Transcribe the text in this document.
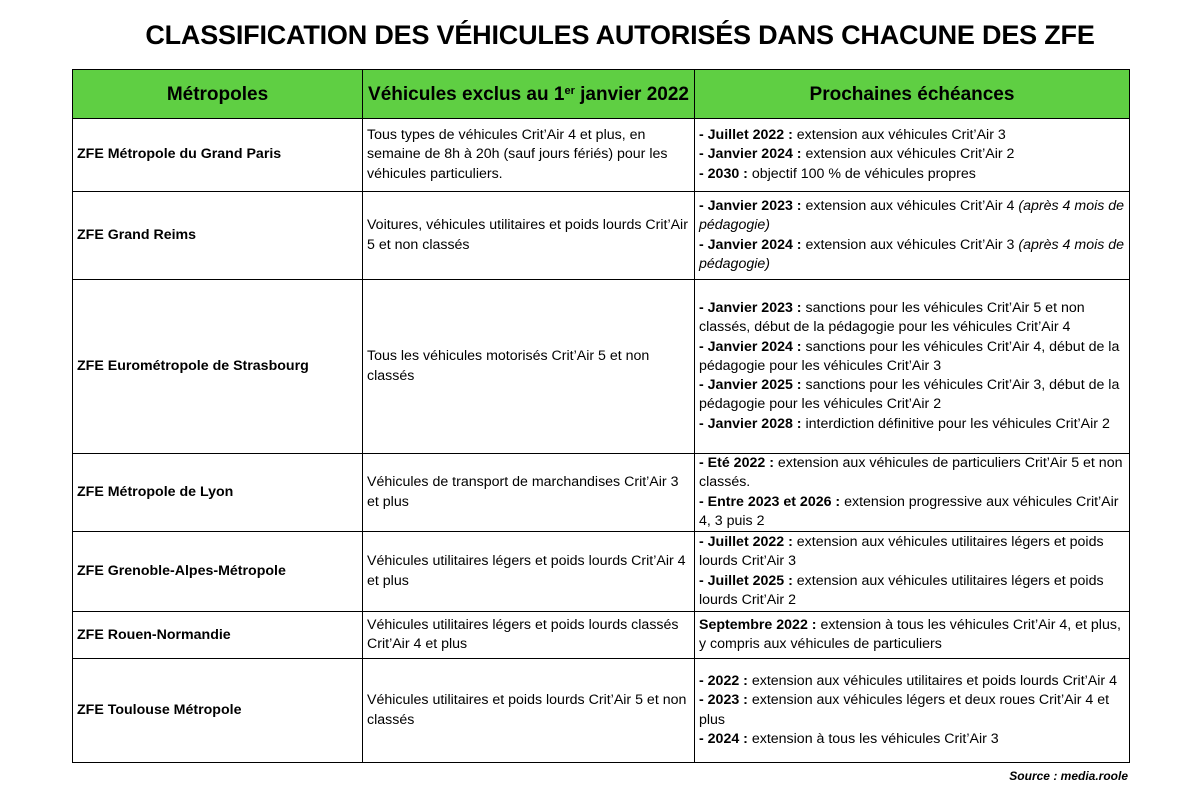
CLASSIFICATION DES VÉHICULES AUTORISÉS DANS CHACUNE DES ZFE
Métropoles	Véhicules exclus au 1er janvier 2022	Prochaines échéances
ZFE Métropole du Grand Paris	Tous types de véhicules Crit’Air 4 et plus, en semaine de 8h à 20h (sauf jours fériés) pour les véhicules particuliers.	- Juillet 2022 : extension aux véhicules Crit’Air 3
- Janvier 2024 : extension aux véhicules Crit’Air 2
- 2030 : objectif 100 % de véhicules propres

ZFE Grand Reims	Voitures, véhicules utilitaires et poids lourds Crit’Air 5 et non classés	- Janvier 2023 : extension aux véhicules Crit’Air 4 (après 4 mois de pédagogie)
- Janvier 2024 : extension aux véhicules Crit’Air 3 (après 4 mois de pédagogie)

ZFE Eurométropole de Strasbourg	Tous les véhicules motorisés Crit’Air 5 et non classés	- Janvier 2023 : sanctions pour les véhicules Crit’Air 5 et non classés, début de la pédagogie pour les véhicules Crit’Air 4
- Janvier 2024 : sanctions pour les véhicules Crit’Air 4, début de la pédagogie pour les véhicules Crit’Air 3
- Janvier 2025 : sanctions pour les véhicules Crit’Air 3, début de la pédagogie pour les véhicules Crit’Air 2
- Janvier 2028 : interdiction définitive pour les véhicules Crit’Air 2

ZFE Métropole de Lyon	Véhicules de transport de marchandises Crit’Air 3 et plus	- Eté 2022 : extension aux véhicules de particuliers Crit’Air 5 et non classés.
- Entre 2023 et 2026 : extension progressive aux véhicules Crit’Air 4, 3 puis 2

ZFE Grenoble-Alpes-Métropole	Véhicules utilitaires légers et poids lourds Crit’Air 4 et plus	- Juillet 2022 : extension aux véhicules utilitaires légers et poids lourds Crit’Air 3
- Juillet 2025 : extension aux véhicules utilitaires légers et poids lourds Crit’Air 2

ZFE Rouen-Normandie	Véhicules utilitaires légers et poids lourds classés Crit’Air 4 et plus	Septembre 2022 : extension à tous les véhicules Crit’Air 4, et plus, y compris aux véhicules de particuliers

ZFE Toulouse Métropole	Véhicules utilitaires et poids lourds Crit’Air 5 et non classés	- 2022 : extension aux véhicules utilitaires et poids lourds Crit’Air 4
- 2023 : extension aux véhicules légers et deux roues Crit’Air 4 et plus
- 2024 : extension à tous les véhicules Crit’Air 3
Source : media.roole
